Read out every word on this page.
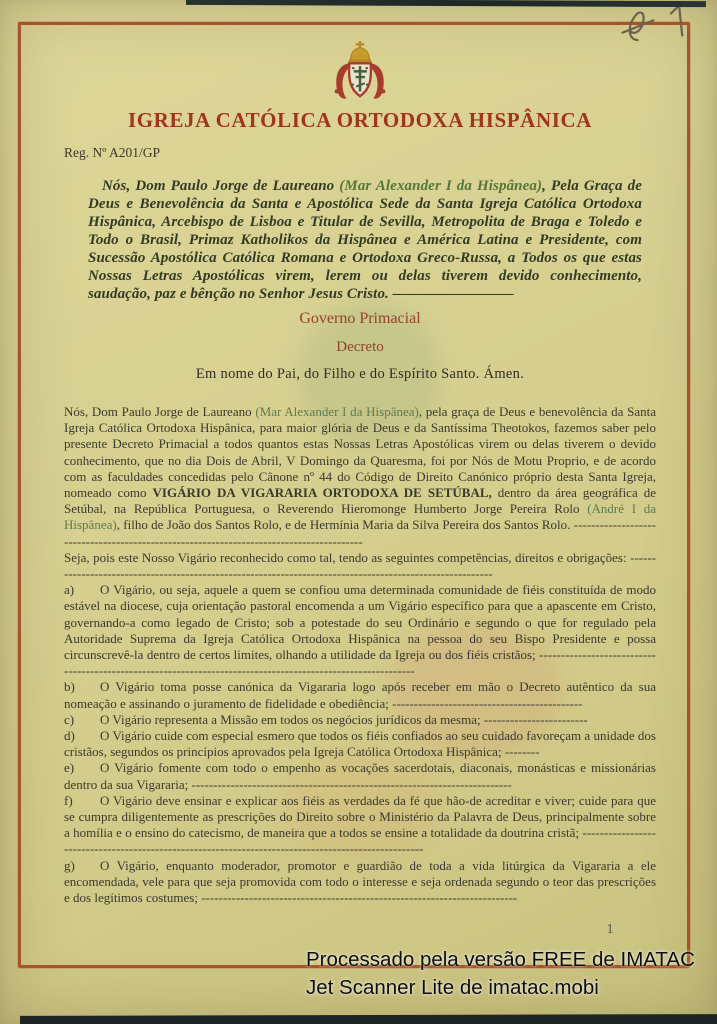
IGREJA CATÓLICA ORTODOXA HISPÂNICA
Reg. Nº A201/GP
Nós, Dom Paulo Jorge de Laureano (Mar Alexander I da Hispânea), Pela Graça de Deus e Benevolência da Santa e Apostólica Sede da Santa Igreja Católica Ortodoxa Hispânica, Arcebispo de Lisboa e Titular de Sevilla, Metropolita de Braga e Toledo e Todo o Brasil, Primaz Katholikos da Hispânea e América Latina e Presidente, com Sucessão Apostólica Católica Romana e Ortodoxa Greco-Russa, a Todos os que estas Nossas Letras Apostólicas virem, lerem ou delas tiverem devido conhecimento, saudação, paz e bênção no Senhor Jesus Cristo. ————————
Governo Primacial
Decreto
Em nome do Pai, do Filho e do Espírito Santo. Ámen.

Nós, Dom Paulo Jorge de Laureano (Mar Alexander I da Hispânea), pela graça de Deus e benevolência da Santa Igreja Católica Ortodoxa Hispânica, para maior glória de Deus e da Santíssima Theotokos, fazemos saber pelo presente Decreto Primacial a todos quantos estas Nossas Letras Apostólicas virem ou delas tiverem o devido conhecimento, que no dia Dois de Abril, V Domingo da Quaresma, foi por Nós de Motu Proprio, e de acordo com as faculdades concedidas pelo Cânone nº 44 do Código de Direito Canónico próprio desta Santa Igreja, nomeado como VIGÁRIO DA VIGARARIA ORTODOXA DE SETÚBAL, dentro da área geográfica de Setúbal, na República Portuguesa, o Reverendo Hieromonge Humberto Jorge Pereira Rolo (André I da Hispânea), filho de João dos Santos Rolo, e de Hermínia Maria da Silva Pereira dos Santos Rolo. ----------------------------------------------------------------------------------------

Seja, pois este Nosso Vigário reconhecido como tal, tendo as seguintes competências, direitos e obrigações: ---------------------------------------------------------------------------------------------------------

a) O Vigário, ou seja, aquele a quem se confiou uma determinada comunidade de fiéis constituída de modo estável na diocese, cuja orientação pastoral encomenda a um Vigário específico para que a apascente em Cristo, governando-a como legado de Cristo; sob a potestade do seu Ordinário e segundo o que for regulado pela Autoridade Suprema da Igreja Católica Ortodoxa Hispânica na pessoa do seu Bispo Presidente e possa circunscrevê-la dentro de certos limites, olhando a utilidade da Igreja ou dos fiéis cristãos; ------------------------------------------------------------------------------------------------------------

b) O Vigário toma posse canónica da Vigararia logo após receber em mão o Decreto autêntico da sua nomeação e assinando o juramento de fidelidade e obediência; --------------------------------------------

c) O Vigário representa a Missão em todos os negócios jurídicos da mesma; ------------------------

d) O Vigário cuide com especial esmero que todos os fiéis confiados ao seu cuidado favoreçam a unidade dos cristãos, segundos os princípios aprovados pela Igreja Católica Ortodoxa Hispânica; --------

e) O Vigário fomente com todo o empenho as vocações sacerdotais, diaconais, monásticas e missionárias dentro da sua Vigararia; --------------------------------------------------------------------------

f) O Vigário deve ensinar e explicar aos fiéis as verdades da fé que hão-de acreditar e viver; cuide para que se cumpra diligentemente as prescrições do Direito sobre o Ministério da Palavra de Deus, principalmente sobre a homília e o ensino do catecismo, de maneira que a todos se ensine a totalidade da doutrina cristã; ----------------------------------------------------------------------------------------------------

g) O Vigário, enquanto moderador, promotor e guardião de toda a vida litúrgica da Vigararia a ele encomendada, vele para que seja promovida com todo o interesse e seja ordenada segundo o teor das prescrições e dos legítimos costumes; -------------------------------------------------------------------------

1
Processado pela versão FREE de IMATAC
Jet Scanner Lite de imatac.mobi
